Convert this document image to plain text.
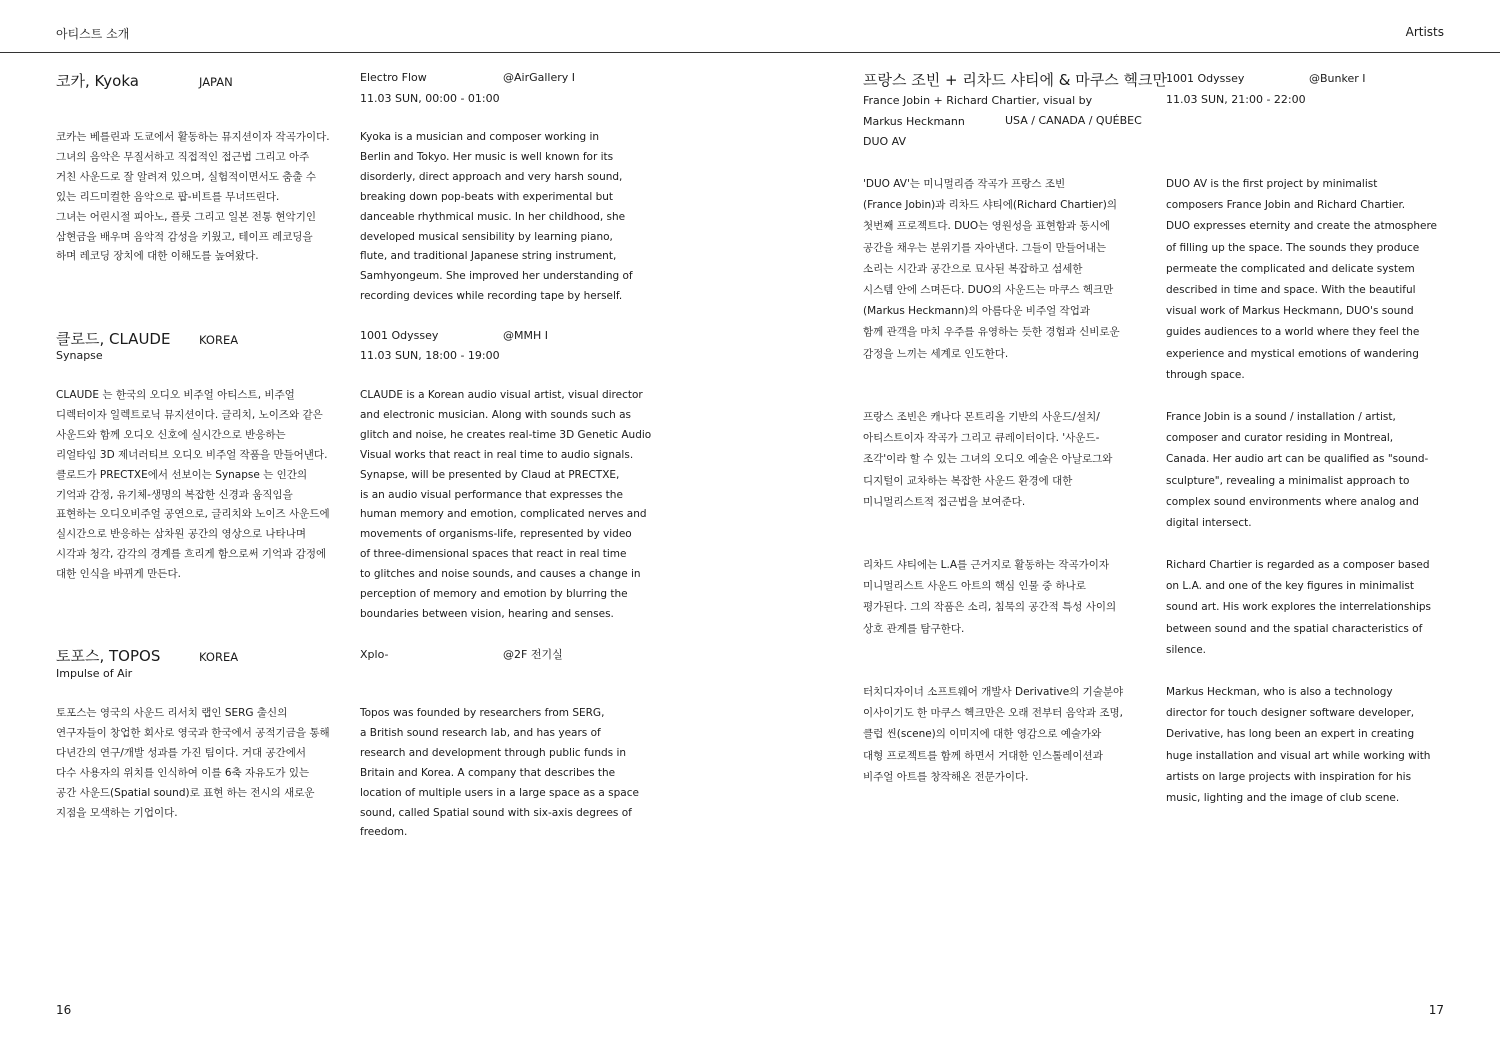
아티스트 소개	Artists
코카, Kyoka	JAPAN	Electro Flow	@AirGallery I
11.03 SUN, 00:00 - 01:00
코카는 베를린과 도쿄에서 활동하는 뮤지션이자 작곡가이다.
그녀의 음악은 무질서하고 직접적인 접근법 그리고 아주
거친 사운드로 잘 알려져 있으며, 실험적이면서도 춤출 수
있는 리드미컬한 음악으로 팝-비트를 무너뜨린다.
그녀는 어린시절 피아노, 플룻 그리고 일본 전통 현악기인
삼현금을 배우며 음악적 감성을 키웠고, 테이프 레코딩을
하며 레코딩 장치에 대한 이해도를 높여왔다.
Kyoka is a musician and composer working in
Berlin and Tokyo. Her music is well known for its
disorderly, direct approach and very harsh sound,
breaking down pop-beats with experimental but
danceable rhythmical music. In her childhood, she
developed musical sensibility by learning piano,
flute, and traditional Japanese string instrument,
Samhyongeum. She improved her understanding of
recording devices while recording tape by herself.
클로드, CLAUDE KOREA
Synapse
1001 Odyssey	@MMH I
11.03 SUN, 18:00 - 19:00
CLAUDE 는 한국의 오디오 비주얼 아티스트, 비주얼
디렉터이자 일렉트로닉 뮤지션이다. 글리치, 노이즈와 같은
사운드와 함께 오디오 신호에 실시간으로 반응하는
리얼타임 3D 제너러티브 오디오 비주얼 작품을 만들어낸다.
클로드가 PRECTXE에서 선보이는 Synapse 는 인간의
기억과 감정, 유기체-생명의 복잡한 신경과 움직임을
표현하는 오디오비주얼 공연으로, 글리치와 노이즈 사운드에
실시간으로 반응하는 삼차원 공간의 영상으로 나타나며
시각과 청각, 감각의 경계를 흐리게 함으로써 기억과 감정에
대한 인식을 바뀌게 만든다.
CLAUDE is a Korean audio visual artist, visual director
and electronic musician. Along with sounds such as
glitch and noise, he creates real-time 3D Genetic Audio
Visual works that react in real time to audio signals.
Synapse, will be presented by Claud at PRECTXE,
is an audio visual performance that expresses the
human memory and emotion, complicated nerves and
movements of organisms-life, represented by video
of three-dimensional spaces that react in real time
to glitches and noise sounds, and causes a change in
perception of memory and emotion by blurring the
boundaries between vision, hearing and senses.
토포스, TOPOS	KOREA
Impulse of Air
Xplo-	@2F 전기실
토포스는 영국의 사운드 리서치 랩인 SERG 출신의
연구자들이 창업한 회사로 영국과 한국에서 공적기금을 통해
다년간의 연구/개발 성과를 가진 팀이다. 거대 공간에서
다수 사용자의 위치를 인식하여 이를 6축 자유도가 있는
공간 사운드(Spatial sound)로 표현 하는 전시의 새로운
지점을 모색하는 기업이다.
Topos was founded by researchers from SERG,
a British sound research lab, and has years of
research and development through public funds in
Britain and Korea. A company that describes the
location of multiple users in a large space as a space
sound, called Spatial sound with six-axis degrees of
freedom.
프랑스 조빈 + 리차드 샤티에 & 마쿠스 헥크만
France Jobin + Richard Chartier, visual by
Markus Heckmann	USA / CANADA / QUÉBEC
DUO AV
1001 Odyssey	@Bunker I
11.03 SUN, 21:00 - 22:00
'DUO AV'는 미니멀리즘 작곡가 프랑스 조빈
(France Jobin)과 리차드 샤티에(Richard Chartier)의
첫번째 프로젝트다. DUO는 영원성을 표현함과 동시에
공간을 채우는 분위기를 자아낸다. 그들이 만들어내는
소리는 시간과 공간으로 묘사된 복잡하고 섬세한
시스템 안에 스며든다. DUO의 사운드는 마쿠스 헥크만
(Markus Heckmann)의 아름다운 비주얼 작업과
함께 관객을 마치 우주를 유영하는 듯한 경험과 신비로운
감정을 느끼는 세계로 인도한다.
DUO AV is the first project by minimalist
composers France Jobin and Richard Chartier.
DUO expresses eternity and create the atmosphere
of filling up the space. The sounds they produce
permeate the complicated and delicate system
described in time and space. With the beautiful
visual work of Markus Heckmann, DUO's sound
guides audiences to a world where they feel the
experience and mystical emotions of wandering
through space.
프랑스 조빈은 캐나다 몬트리올 기반의 사운드/설치/
아티스트이자 작곡가 그리고 큐레이터이다. '사운드-
조각'이라 할 수 있는 그녀의 오디오 예술은 아날로그와
디지털이 교차하는 복잡한 사운드 환경에 대한
미니멀리스트적 접근법을 보여준다.
France Jobin is a sound / installation / artist,
composer and curator residing in Montreal,
Canada. Her audio art can be qualified as "sound-
sculpture", revealing a minimalist approach to
complex sound environments where analog and
digital intersect.
리차드 샤티에는 L.A를 근거지로 활동하는 작곡가이자
미니멀리스트 사운드 아트의 핵심 인물 중 하나로
평가된다. 그의 작품은 소리, 침묵의 공간적 특성 사이의
상호 관계를 탐구한다.
Richard Chartier is regarded as a composer based
on L.A. and one of the key figures in minimalist
sound art. His work explores the interrelationships
between sound and the spatial characteristics of
silence.
터치디자이너 소프트웨어 개발사 Derivative의 기술분야
이사이기도 한 마쿠스 헥크만은 오래 전부터 음악과 조명,
클럽 씬(scene)의 이미지에 대한 영감으로 예술가와
대형 프로젝트를 함께 하면서 거대한 인스톨레이션과
비주얼 아트를 창작해온 전문가이다.
Markus Heckman, who is also a technology
director for touch designer software developer,
Derivative, has long been an expert in creating
huge installation and visual art while working with
artists on large projects with inspiration for his
music, lighting and the image of club scene.
16	17
